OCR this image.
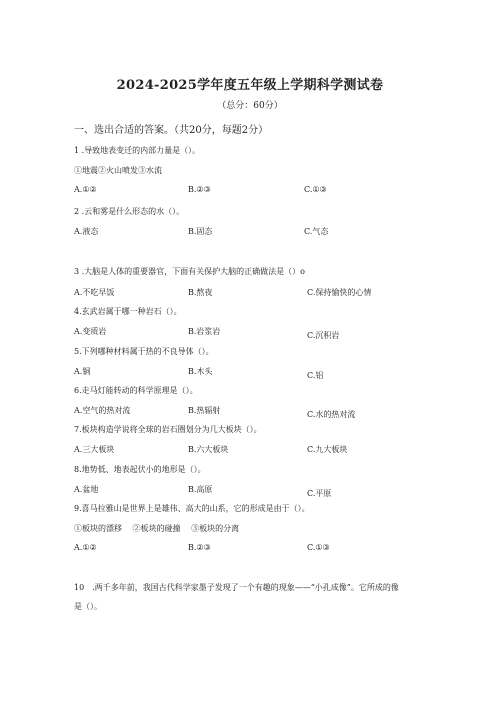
2024-2025学年度五年级上学期科学测试卷
（总分：60分）
一、选出合适的答案。（共20分，每题2分）
1 .导致地表变迁的内部力量是（）。
①地震②火山喷发③水流
A.①②	B.②③	C.①③
2 .云和雾是什么形态的水（）。
A.液态	B.固态	C.气态
3 .大脑是人体的重要器官，下面有关保护大脑的正确做法是（）o
A.不吃早饭	B.熬夜	C.保持愉快的心情
4.玄武岩属于哪一种岩石（）。
A.变质岩	B.岩浆岩	C.沉积岩
5.下列哪种材料属于热的不良导体（）。
A.铜	B.木头	C.铝
6.走马灯能转动的科学原理是（）。
A.空气的热对流	B.热辐射	C.水的热对流
7.板块构造学说将全球的岩石圈划分为几大板块（）。
A.三大板块	B.六大板块	C.九大板块
8.地势低、地表起伏小的地形是（）。
A.盆地	B.高原	C.平原
9.喜马拉雅山是世界上是雄伟、高大的山系，它的形成是由于（）。
①板块的漂移　 ②板块的碰撞　 ③板块的分离
A.①②	B.②③	C.①③
10　.两千多年前，我国古代科学家墨子发现了一个有趣的现象——“小孔成像”。它所成的像
是（）。
